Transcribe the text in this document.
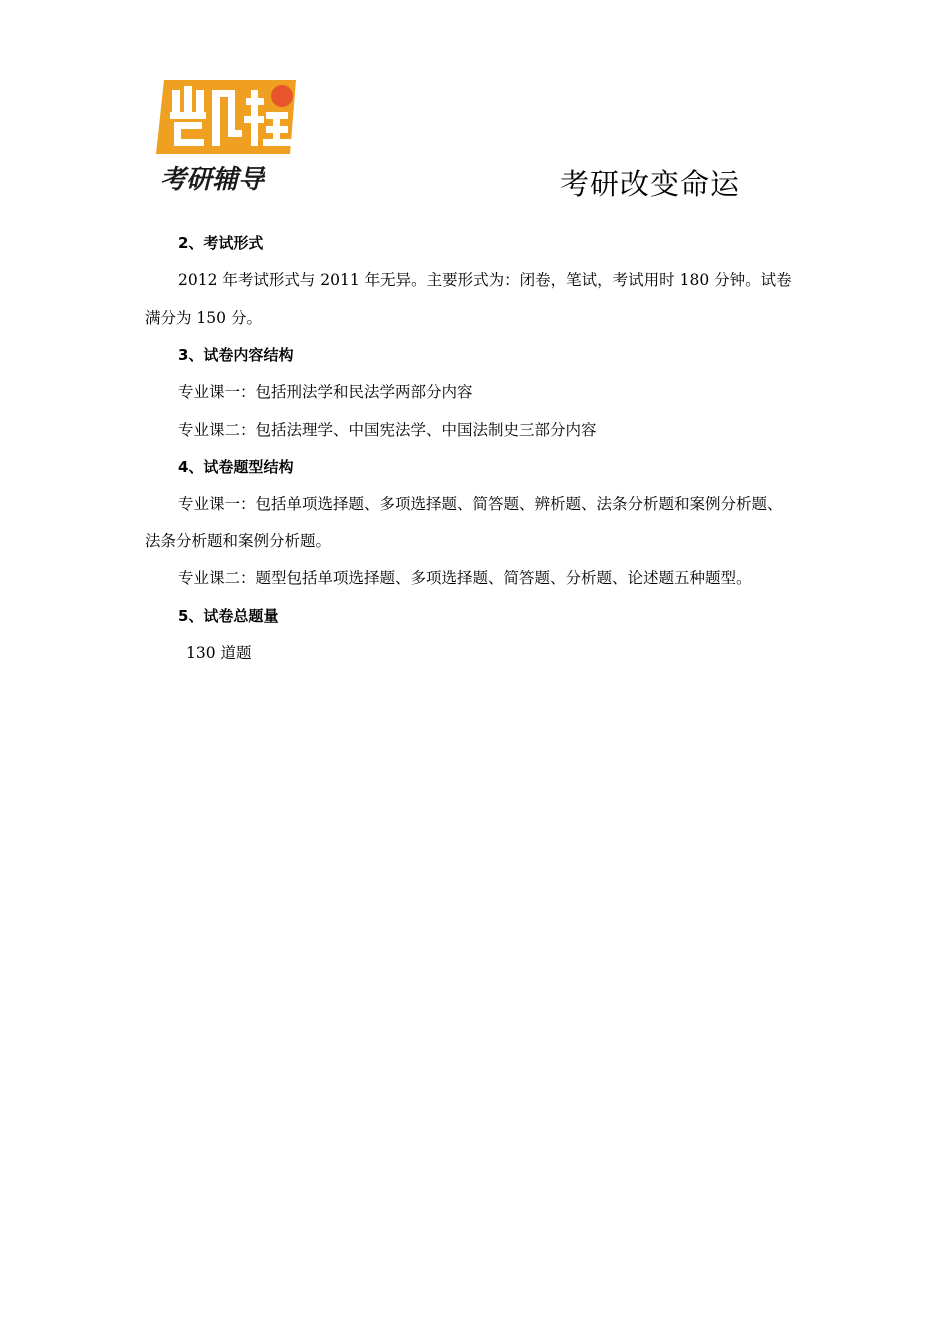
考研辅导	考研改变命运
2、考试形式
2012 年考试形式与 2011 年无异。主要形式为：闭卷，笔试，考试用时 180 分钟。试卷
满分为 150 分。
3、试卷内容结构
专业课一：包括刑法学和民法学两部分内容
专业课二：包括法理学、中国宪法学、中国法制史三部分内容
4、试卷题型结构
专业课一：包括单项选择题、多项选择题、简答题、辨析题、法条分析题和案例分析题、
法条分析题和案例分析题。
专业课二：题型包括单项选择题、多项选择题、简答题、分析题、论述题五种题型。
5、试卷总题量
130 道题
